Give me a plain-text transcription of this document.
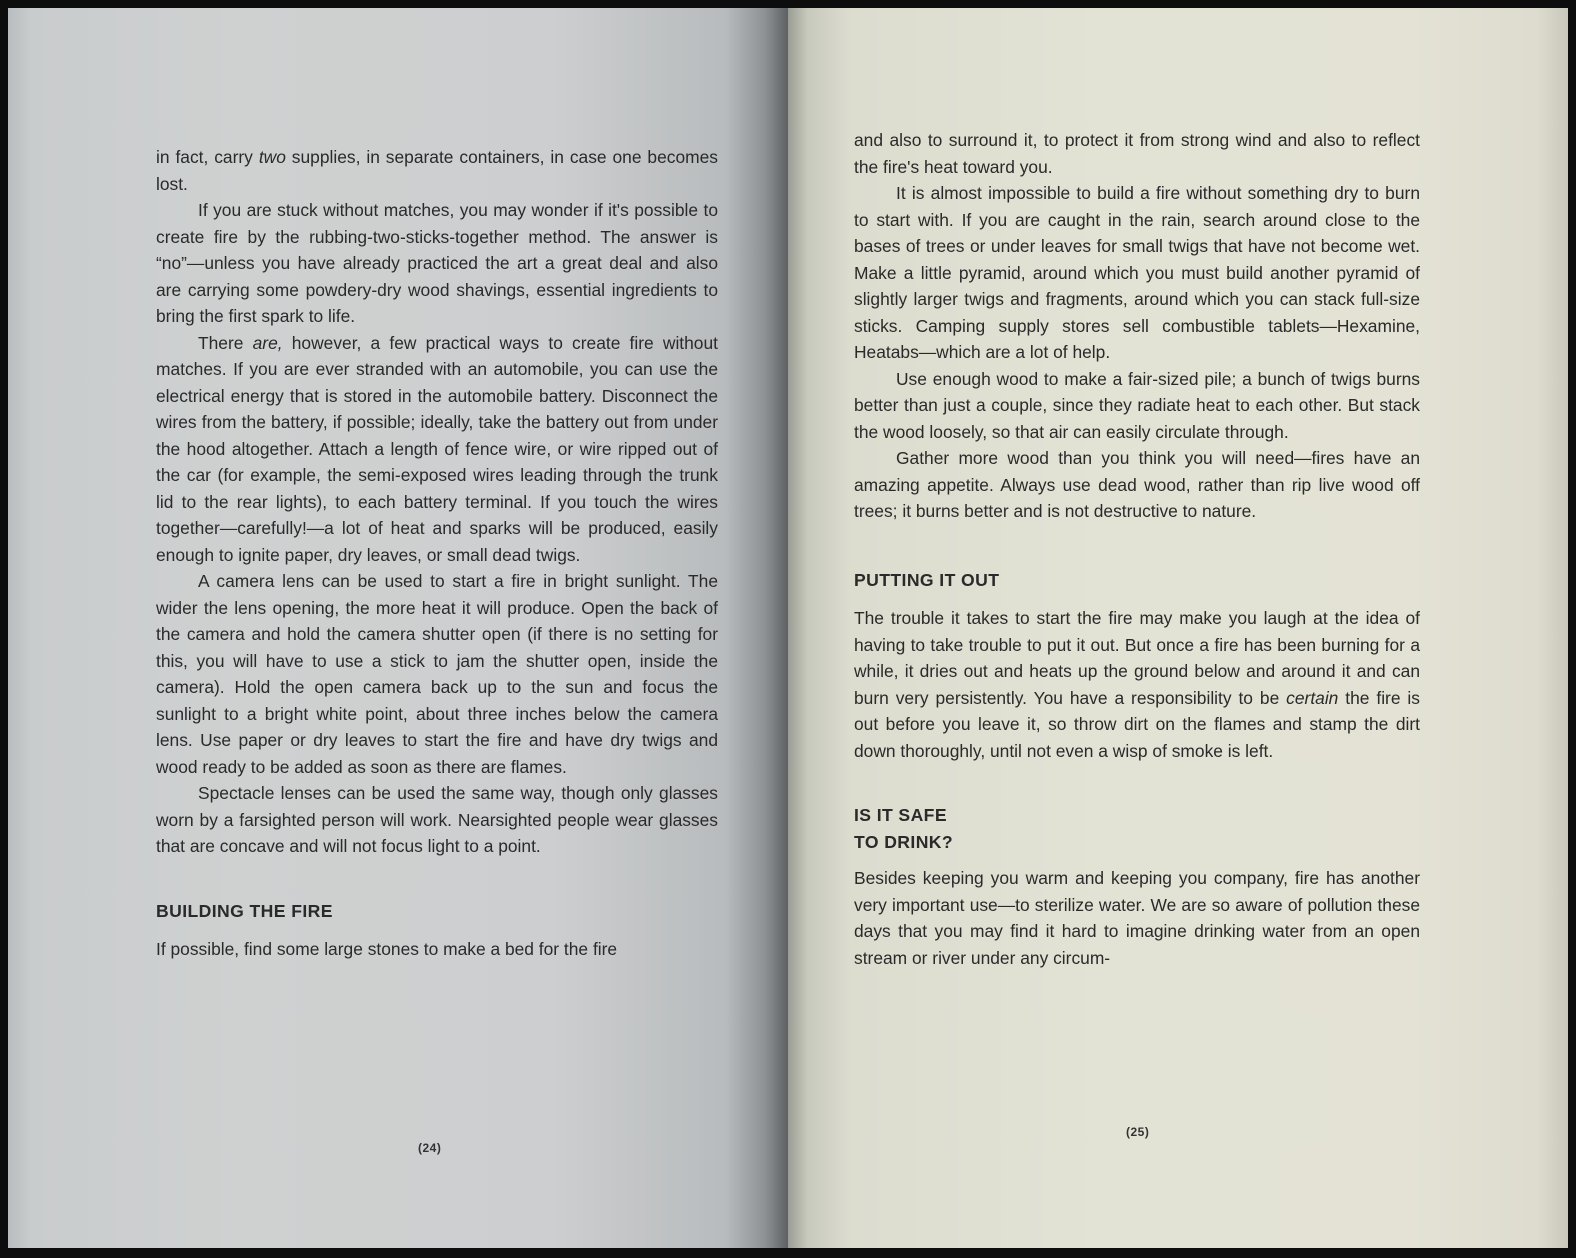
in fact, carry two supplies, in separate containers, in case one becomes lost.

If you are stuck without matches, you may wonder if it's possible to create fire by the rubbing-two-sticks-together method. The answer is “no”—unless you have already practiced the art a great deal and also are carrying some powdery-dry wood shavings, essential ingredients to bring the first spark to life.

There are, however, a few practical ways to create fire without matches. If you are ever stranded with an automobile, you can use the electrical energy that is stored in the automobile battery. Disconnect the wires from the battery, if possible; ideally, take the battery out from under the hood altogether. Attach a length of fence wire, or wire ripped out of the car (for example, the semi-exposed wires leading through the trunk lid to the rear lights), to each battery terminal. If you touch the wires together—carefully!—a lot of heat and sparks will be produced, easily enough to ignite paper, dry leaves, or small dead twigs.

A camera lens can be used to start a fire in bright sunlight. The wider the lens opening, the more heat it will produce. Open the back of the camera and hold the camera shutter open (if there is no setting for this, you will have to use a stick to jam the shutter open, inside the camera). Hold the open camera back up to the sun and focus the sunlight to a bright white point, about three inches below the camera lens. Use paper or dry leaves to start the fire and have dry twigs and wood ready to be added as soon as there are flames.

Spectacle lenses can be used the same way, though only glasses worn by a farsighted person will work. Nearsighted people wear glasses that are concave and will not focus light to a point.

BUILDING THE FIRE

If possible, find some large stones to make a bed for the fire

(24)

and also to surround it, to protect it from strong wind and also to reflect the fire's heat toward you.

It is almost impossible to build a fire without something dry to burn to start with. If you are caught in the rain, search around close to the bases of trees or under leaves for small twigs that have not become wet. Make a little pyramid, around which you must build another pyramid of slightly larger twigs and fragments, around which you can stack full-size sticks. Camping supply stores sell combustible tablets—Hexamine, Heatabs—which are a lot of help.

Use enough wood to make a fair-sized pile; a bunch of twigs burns better than just a couple, since they radiate heat to each other. But stack the wood loosely, so that air can easily circulate through.

Gather more wood than you think you will need—fires have an amazing appetite. Always use dead wood, rather than rip live wood off trees; it burns better and is not destructive to nature.

PUTTING IT OUT

The trouble it takes to start the fire may make you laugh at the idea of having to take trouble to put it out. But once a fire has been burning for a while, it dries out and heats up the ground below and around it and can burn very persistently. You have a responsibility to be certain the fire is out before you leave it, so throw dirt on the flames and stamp the dirt down thoroughly, until not even a wisp of smoke is left.

IS IT SAFE
TO DRINK?

Besides keeping you warm and keeping you company, fire has another very important use—to sterilize water. We are so aware of pollution these days that you may find it hard to imagine drinking water from an open stream or river under any circum-

(25)
